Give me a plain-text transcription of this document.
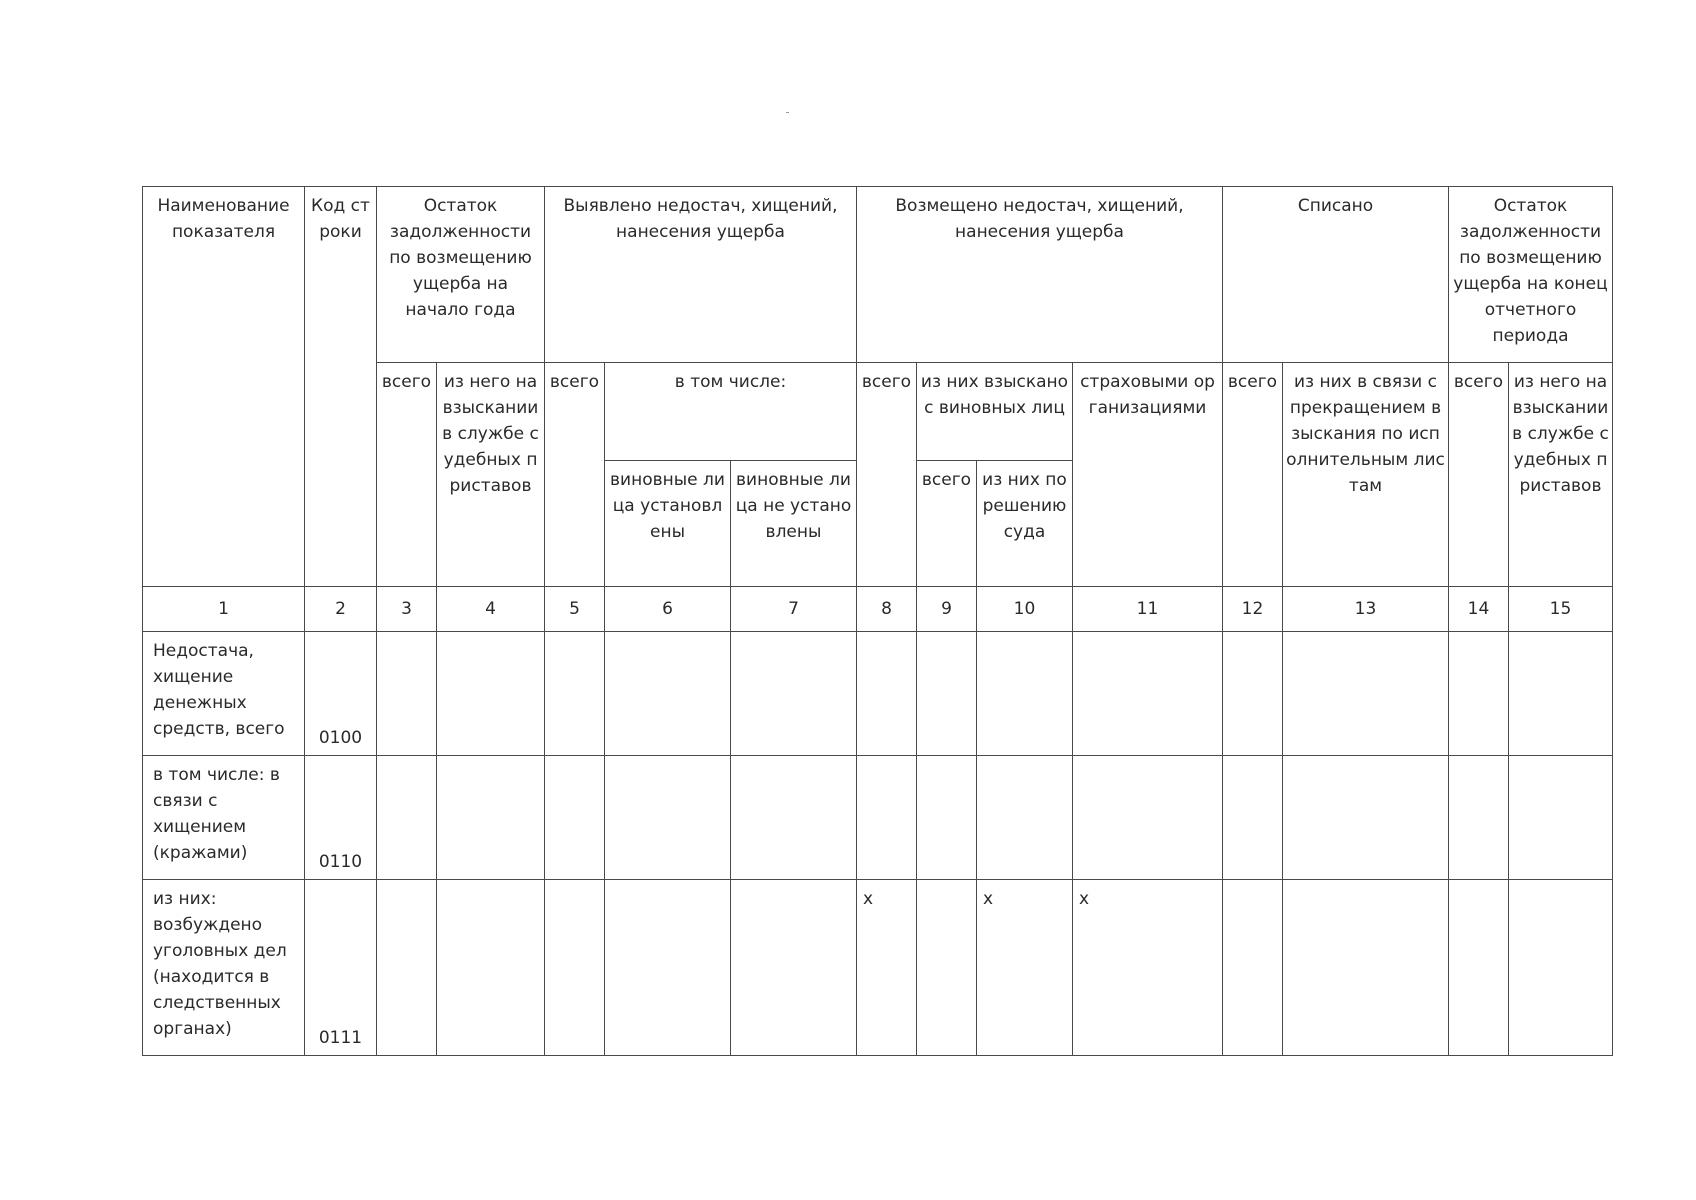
Наименование показателя	Код строки	Остаток задолженности по возмещению ущерба на начало года		Выявлено недостач, хищений, нанесения ущерба			Возмещено недостач, хищений, нанесения ущерба				Списано		Остаток задолженности по возмещению ущерба на конец отчетного периода	
		всего	из него на взыскании в службе судебных приставов	всего	в том числе:		всего	из них взыскано с виновных лиц		страховыми организациями	всего	из них в связи с прекращением взыскания по исполнительным листам	всего	из него на взыскании в службе судебных приставов
					виновные лица установлены	виновные лица не установлены		всего	из них по решению суда					
1	2	3	4	5	6	7	8	9	10	11	12	13	14	15
Недостача, хищение денежных средств, всего	0100													
в том числе: в связи с хищением (кражами)	0110													
из них: возбуждено уголовных дел (находится в следственных органах)	0111						x		x	x				
